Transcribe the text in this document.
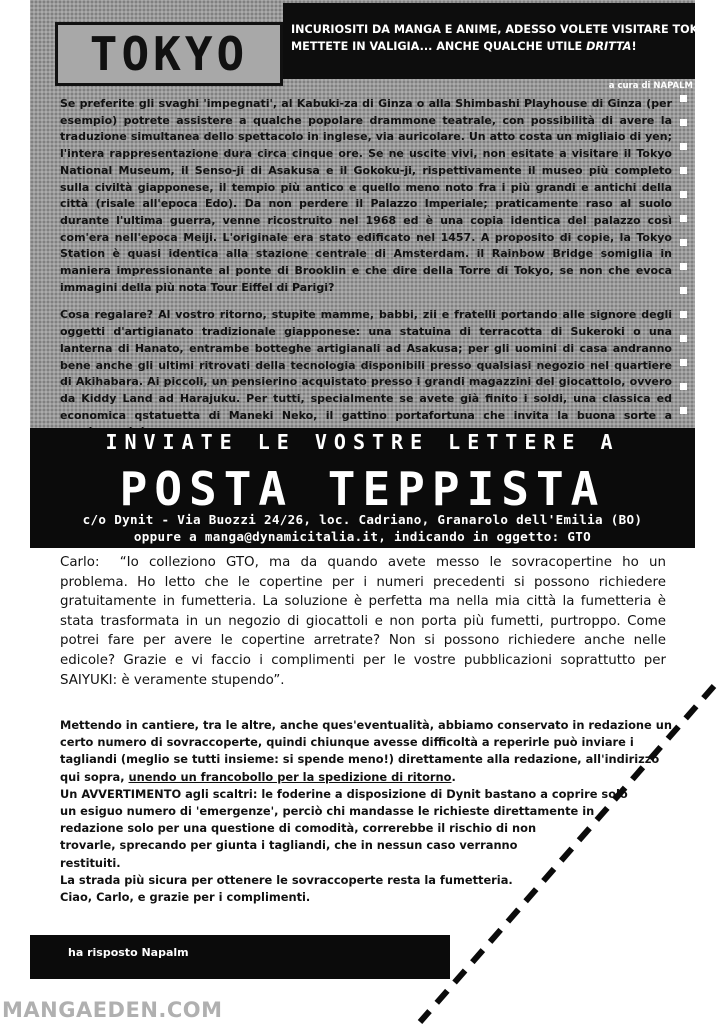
TOKYO	INCURIOSITI DA MANGA E ANIME, ADESSO VOLETE VISITARE TOKYO?
METTETE IN VALIGIA... ANCHE QUALCHE UTILE DRITTA!
a cura di NAPALM

Se preferite gli svaghi 'impegnati', al Kabuki-za di Ginza o alla Shimbashi Playhouse di Ginza (per esempio) potrete assistere a qualche popolare drammone teatrale, con possibilità di avere la traduzione simultanea dello spettacolo in inglese, via auricolare. Un atto costa un migliaio di yen; l'intera rappresentazione dura circa cinque ore. Se ne uscite vivi, non esitate a visitare il Tokyo National Museum, il Senso-ji di Asakusa e il Gokoku-ji, rispettivamente il museo più completo sulla civiltà giapponese, il tempio più antico e quello meno noto fra i più grandi e antichi della città (risale all'epoca Edo). Da non perdere il Palazzo Imperiale; praticamente raso al suolo durante l'ultima guerra, venne ricostruito nel 1968 ed è una copia identica del palazzo così com'era nell'epoca Meiji. L'originale era stato edificato nel 1457. A proposito di copie, la Tokyo Station è quasi identica alla stazione centrale di Amsterdam. il Rainbow Bridge somiglia in maniera impressionante al ponte di Brooklin e che dire della Torre di Tokyo, se non che evoca immagini della più nota Tour Eiffel di Parigi?

Cosa regalare? Al vostro ritorno, stupite mamme, babbi, zii e fratelli portando alle signore degli oggetti d'artigianato tradizionale giapponese: una statuina di terracotta di Sukeroki o una lanterna di Hanato, entrambe botteghe artigianali ad Asakusa; per gli uomini di casa andranno bene anche gli ultimi ritrovati della tecnologia disponibili presso qualsiasi negozio nel quartiere di Akihabara. Ai piccoli, un pensierino acquistato presso i grandi magazzini del giocattolo, ovvero da Kiddy Land ad Harajuku. Per tutti, specialmente se avete già finito i soldi, una classica ed economica qstatuetta di Maneki Neko, il gattino portafortuna che invita la buona sorte a

INVIATE LE VOSTRE LETTERE A
POSTA TEPPISTA
c/o Dynit - Via Buozzi 24/26, loc. Cadriano, Granarolo dell'Emilia (BO)
oppure a manga@dynamicitalia.it, indicando in oggetto: GTO
Carlo: “Io colleziono GTO, ma da quando avete messo le sovracopertine ho un problema. Ho letto che le copertine per i numeri precedenti si possono richiedere gratuitamente in fumetteria. La soluzione è perfetta ma nella mia città la fumetteria è stata trasformata in un negozio di giocattoli e non porta più fumetti, purtroppo. Come potrei fare per avere le copertine arretrate? Non si possono richiedere anche nelle edicole? Grazie e vi faccio i complimenti per le vostre pubblicazioni soprattutto per SAIYUKI: è veramente stupendo”.
Mettendo in cantiere, tra le altre, anche ques'eventualità, abbiamo conservato in redazione un
certo numero di sovraccoperte, quindi chiunque avesse difficoltà a reperirle può inviare i
tagliandi (meglio se tutti insieme: si spende meno!) direttamente alla redazione, all'indirizzo
qui sopra, unendo un francobollo per la spedizione di ritorno.
Un AVVERTIMENTO agli scaltri: le foderine a disposizione di Dynit bastano a coprire solo
un esiguo numero di 'emergenze', perciò chi mandasse le richieste direttamente in
redazione solo per una questione di comodità, correrebbe il rischio di non
trovarle, sprecando per giunta i tagliandi, che in nessun caso verranno
restituiti.
La strada più sicura per ottenere le sovraccoperte resta la fumetteria.
Ciao, Carlo, e grazie per i complimenti.
ha risposto Napalm
MANGAEDEN.COM
